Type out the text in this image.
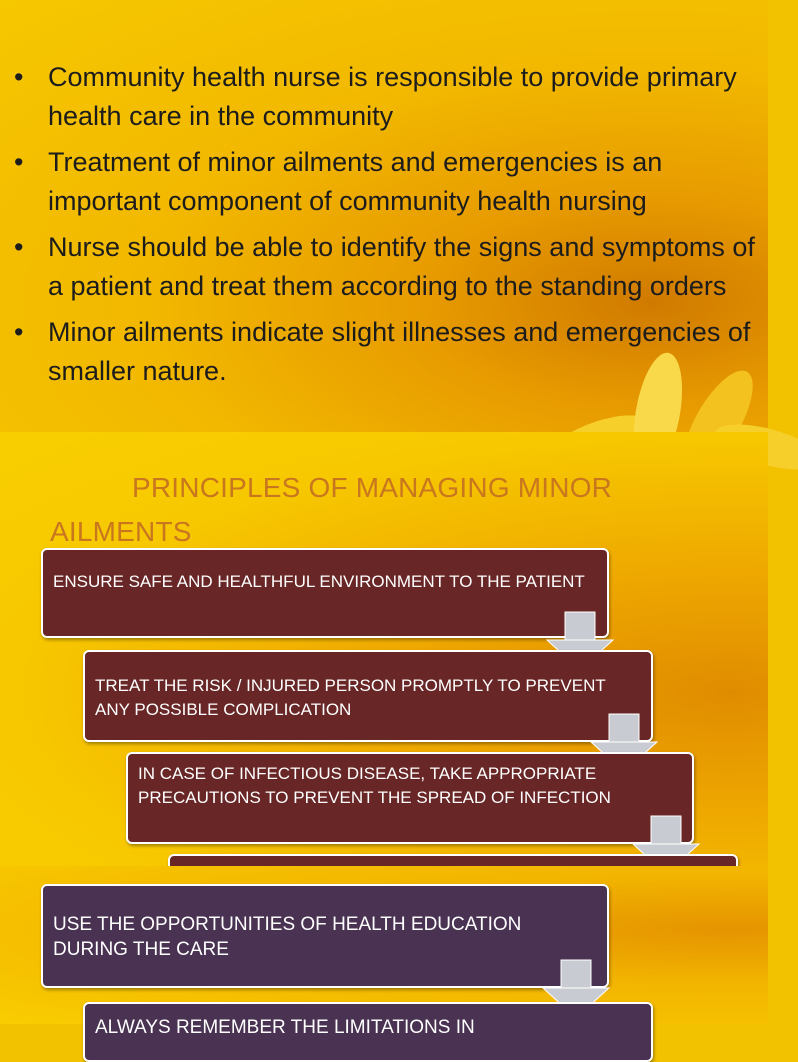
• Community health nurse is responsible to provide primary health care in the community
• Treatment of minor ailments and emergencies is an important component of community health nursing
• Nurse should be able to identify the signs and symptoms of a patient and treat them according to the standing orders
• Minor ailments indicate slight illnesses and emergencies of smaller nature.
PRINCIPLES OF MANAGING MINOR
AILMENTS
ENSURE SAFE AND HEALTHFUL ENVIRONMENT TO THE PATIENT
TREAT THE RISK / INJURED PERSON PROMPTLY TO PREVENT ANY POSSIBLE COMPLICATION
IN CASE OF INFECTIOUS DISEASE, TAKE APPROPRIATE PRECAUTIONS TO PREVENT THE SPREAD OF INFECTION
USE THE OPPORTUNITIES OF HEALTH EDUCATION DURING THE CARE
ALWAYS REMEMBER THE LIMITATIONS IN
